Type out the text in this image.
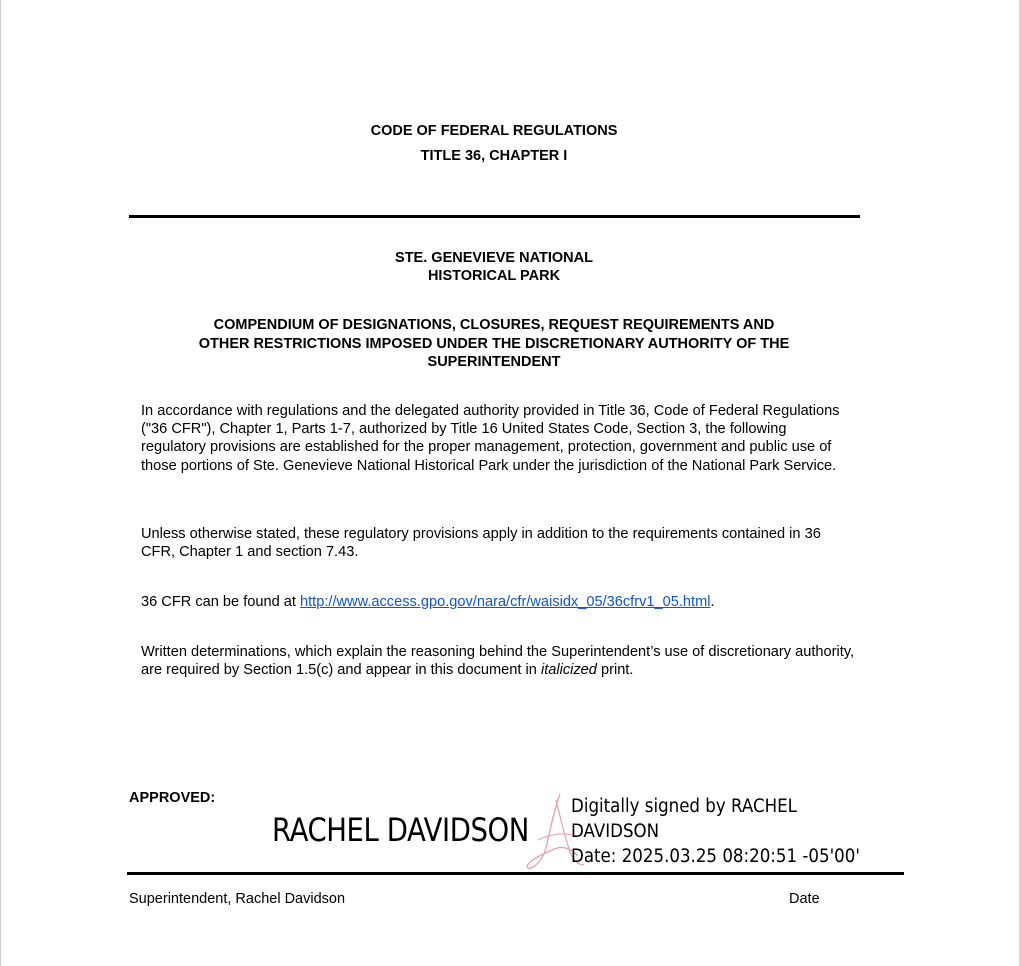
CODE OF FEDERAL REGULATIONS
TITLE 36, CHAPTER I
STE. GENEVIEVE NATIONAL
HISTORICAL PARK
COMPENDIUM OF DESIGNATIONS, CLOSURES, REQUEST REQUIREMENTS AND
OTHER RESTRICTIONS IMPOSED UNDER THE DISCRETIONARY AUTHORITY OF THE
SUPERINTENDENT
In accordance with regulations and the delegated authority provided in Title 36, Code of Federal Regulations ("36 CFR"), Chapter 1, Parts 1-7, authorized by Title 16 United States Code, Section 3, the following regulatory provisions are established for the proper management, protection, government and public use of those portions of Ste. Genevieve National Historical Park under the jurisdiction of the National Park Service.
Unless otherwise stated, these regulatory provisions apply in addition to the requirements contained in 36 CFR, Chapter 1 and section 7.43.
36 CFR can be found at http://www.access.gpo.gov/nara/cfr/waisidx_05/36cfrv1_05.html.
Written determinations, which explain the reasoning behind the Superintendent’s use of discretionary authority, are required by Section 1.5(c) and appear in this document in italicized print.
APPROVED:
RACHEL DAVIDSON
Digitally signed by RACHEL
DAVIDSON
Date: 2025.03.25 08:20:51 -05'00'
Superintendent, Rachel Davidson	Date
